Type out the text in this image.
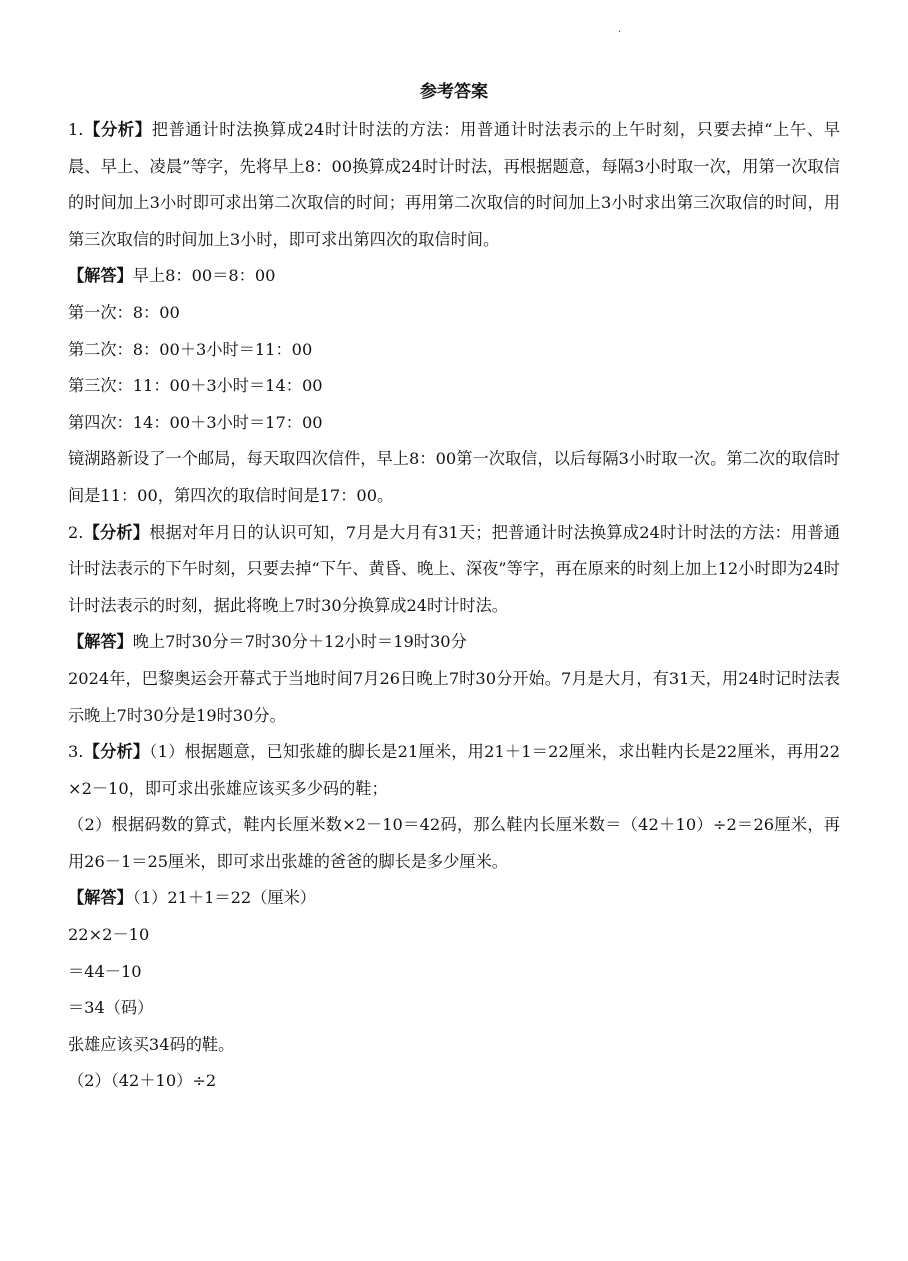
·
参考答案

1.【分析】把普通计时法换算成24时计时法的方法：用普通计时法表示的上午时刻，只要去掉“上午、早晨、早上、凌晨”等字，先将早上8：00换算成24时计时法，再根据题意，每隔3小时取一次，用第一次取信的时间加上3小时即可求出第二次取信的时间；再用第二次取信的时间加上3小时求出第三次取信的时间，用第三次取信的时间加上3小时，即可求出第四次的取信时间。

【解答】早上8：00＝8：00

第一次：8：00

第二次：8：00＋3小时＝11：00

第三次：11：00＋3小时＝14：00

第四次：14：00＋3小时＝17：00

镜湖路新设了一个邮局，每天取四次信件，早上8：00第一次取信，以后每隔3小时取一次。第二次的取信时间是11：00，第四次的取信时间是17：00。

2.【分析】根据对年月日的认识可知，7月是大月有31天；把普通计时法换算成24时计时法的方法：用普通计时法表示的下午时刻，只要去掉“下午、黄昏、晚上、深夜”等字，再在原来的时刻上加上12小时即为24时计时法表示的时刻，据此将晚上7时30分换算成24时计时法。

【解答】晚上7时30分＝7时30分＋12小时＝19时30分

2024年，巴黎奥运会开幕式于当地时间7月26日晚上7时30分开始。7月是大月，有31天，用24时记时法表示晚上7时30分是19时30分。

3.【分析】（1）根据题意，已知张雄的脚长是21厘米，用21＋1＝22厘米，求出鞋内长是22厘米，再用22×2－10，即可求出张雄应该买多少码的鞋；

（2）根据码数的算式，鞋内长厘米数×2－10＝42码，那么鞋内长厘米数＝（42＋10）÷2＝26厘米，再用26－1＝25厘米，即可求出张雄的爸爸的脚长是多少厘米。

【解答】（1）21＋1＝22（厘米）

22×2－10

＝44－10

＝34（码）

张雄应该买34码的鞋。

（2）（42＋10）÷2
